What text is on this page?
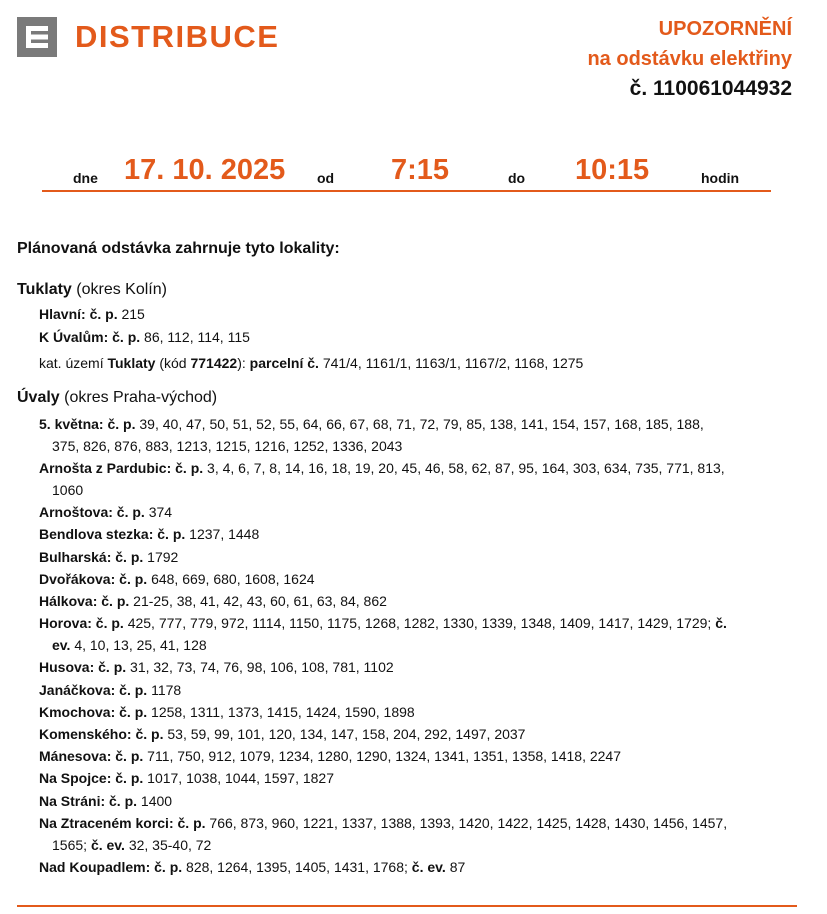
DISTRIBUCE	UPOZORNĚNÍ
na odstávku elektřiny
č. 110061044932
dne 17. 10. 2025 od 7:15	do 10:15	hodin
Plánovaná odstávka zahrnuje tyto lokality:
Tuklaty (okres Kolín)
Hlavní: č. p. 215
K Úvalům: č. p. 86, 112, 114, 115
kat. území Tuklaty (kód 771422): parcelní č. 741/4, 1161/1, 1163/1, 1167/2, 1168, 1275
Úvaly (okres Praha-východ)
5. května: č. p. 39, 40, 47, 50, 51, 52, 55, 64, 66, 67, 68, 71, 72, 79, 85, 138, 141, 154, 157, 168, 185, 188,
375, 826, 876, 883, 1213, 1215, 1216, 1252, 1336, 2043
Arnošta z Pardubic: č. p. 3, 4, 6, 7, 8, 14, 16, 18, 19, 20, 45, 46, 58, 62, 87, 95, 164, 303, 634, 735, 771, 813,
1060
Arnoštova: č. p. 374
Bendlova stezka: č. p. 1237, 1448
Bulharská: č. p. 1792
Dvořákova: č. p. 648, 669, 680, 1608, 1624
Hálkova: č. p. 21-25, 38, 41, 42, 43, 60, 61, 63, 84, 862
Horova: č. p. 425, 777, 779, 972, 1114, 1150, 1175, 1268, 1282, 1330, 1339, 1348, 1409, 1417, 1429, 1729; č.
ev. 4, 10, 13, 25, 41, 128
Husova: č. p. 31, 32, 73, 74, 76, 98, 106, 108, 781, 1102
Janáčkova: č. p. 1178
Kmochova: č. p. 1258, 1311, 1373, 1415, 1424, 1590, 1898
Komenského: č. p. 53, 59, 99, 101, 120, 134, 147, 158, 204, 292, 1497, 2037
Mánesova: č. p. 711, 750, 912, 1079, 1234, 1280, 1290, 1324, 1341, 1351, 1358, 1418, 2247
Na Spojce: č. p. 1017, 1038, 1044, 1597, 1827
Na Stráni: č. p. 1400
Na Ztraceném korci: č. p. 766, 873, 960, 1221, 1337, 1388, 1393, 1420, 1422, 1425, 1428, 1430, 1456, 1457,
1565; č. ev. 32, 35-40, 72
Nad Koupadlem: č. p. 828, 1264, 1395, 1405, 1431, 1768; č. ev. 87
